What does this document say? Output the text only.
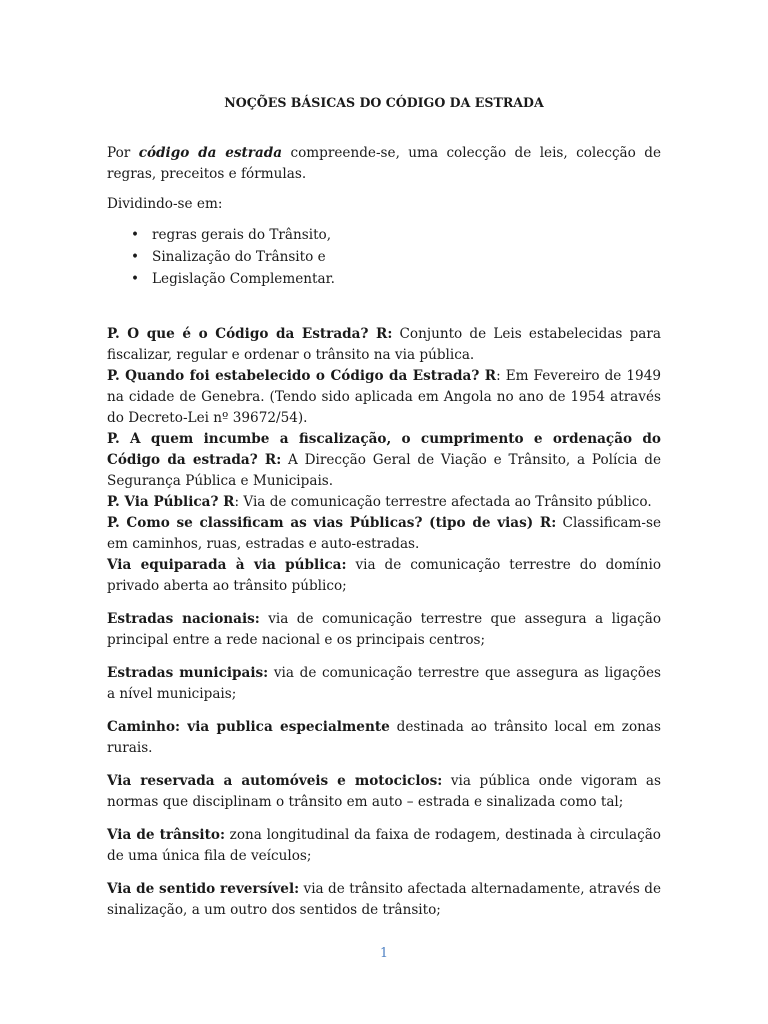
NOÇÕES BÁSICAS DO CÓDIGO DA ESTRADA

Por código da estrada compreende-se, uma colecção de leis, colecção de regras, preceitos e fórmulas.

Dividindo-se em:

• regras gerais do Trânsito,
• Sinalização do Trânsito e
• Legislação Complementar.

P. O que é o Código da Estrada? R: Conjunto de Leis estabelecidas para fiscalizar, regular e ordenar o trânsito na via pública.

P. Quando foi estabelecido o Código da Estrada? R: Em Fevereiro de 1949 na cidade de Genebra. (Tendo sido aplicada em Angola no ano de 1954 através do Decreto-Lei nº 39672/54).

P. A quem incumbe a fiscalização, o cumprimento e ordenação do Código da estrada? R: A Direcção Geral de Viação e Trânsito, a Polícia de Segurança Pública e Municipais.

P. Via Pública? R: Via de comunicação terrestre afectada ao Trânsito público.

P. Como se classificam as vias Públicas? (tipo de vias) R: Classificam-se em caminhos, ruas, estradas e auto-estradas.

Via equiparada à via pública: via de comunicação terrestre do domínio privado aberta ao trânsito público;

Estradas nacionais: via de comunicação terrestre que assegura a ligação principal entre a rede nacional e os principais centros;

Estradas municipais: via de comunicação terrestre que assegura as ligações a nível municipais;

Caminho: via publica especialmente destinada ao trânsito local em zonas rurais.

Via reservada a automóveis e motociclos: via pública onde vigoram as normas que disciplinam o trânsito em auto – estrada e sinalizada como tal;

Via de trânsito: zona longitudinal da faixa de rodagem, destinada à circulação de uma única fila de veículos;

Via de sentido reversível: via de trânsito afectada alternadamente, através de sinalização, a um outro dos sentidos de trânsito;

1
